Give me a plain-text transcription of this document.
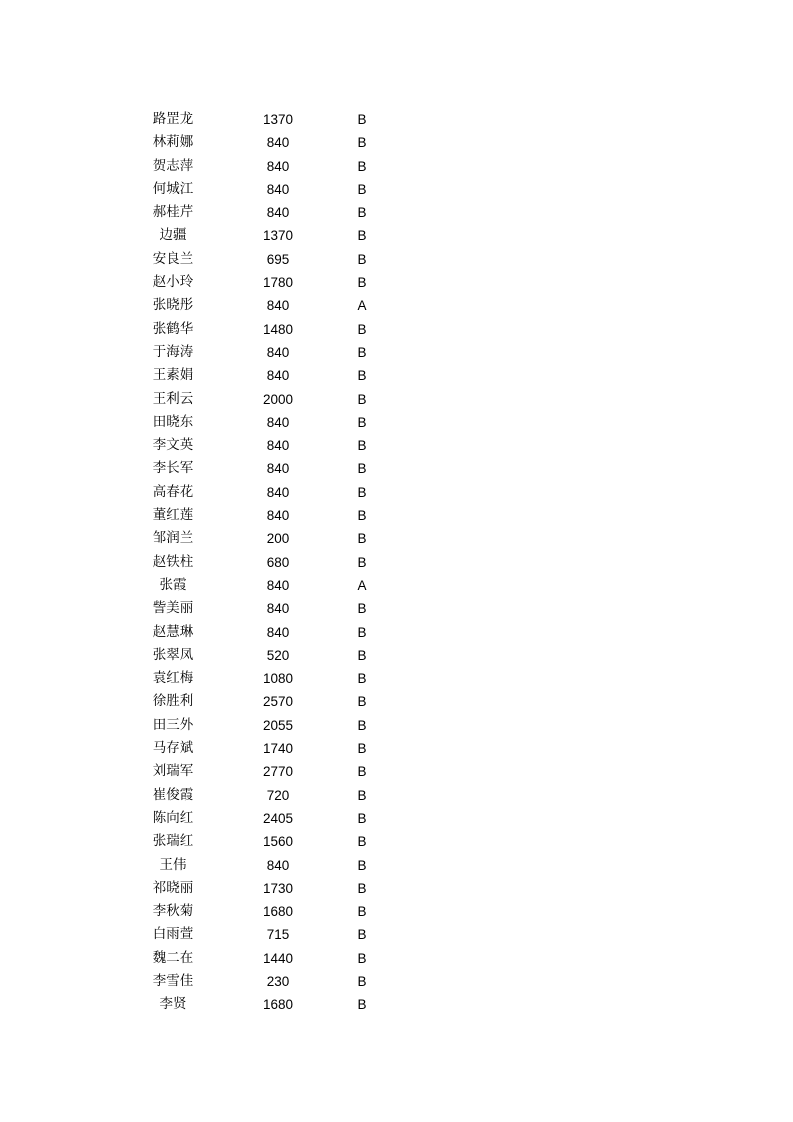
路罡龙	1370	B
林莉娜	840	B
贺志萍	840	B
何城江	840	B
郝桂芹	840	B
边疆	1370	B
安良兰	695	B
赵小玲	1780	B
张晓彤	840	A
张鹤华	1480	B
于海涛	840	B
王素娟	840	B
王利云	2000	B
田晓东	840	B
李文英	840	B
李长军	840	B
高春花	840	B
董红莲	840	B
邹润兰	200	B
赵铁柱	680	B
张霞	840	A
訾美丽	840	B
赵慧琳	840	B
张翠凤	520	B
袁红梅	1080	B
徐胜利	2570	B
田三外	2055	B
马存斌	1740	B
刘瑞军	2770	B
崔俊霞	720	B
陈向红	2405	B
张瑞红	1560	B
王伟	840	B
祁晓丽	1730	B
李秋菊	1680	B
白雨萱	715	B
魏二在	1440	B
李雪佳	230	B
李贤	1680	B
